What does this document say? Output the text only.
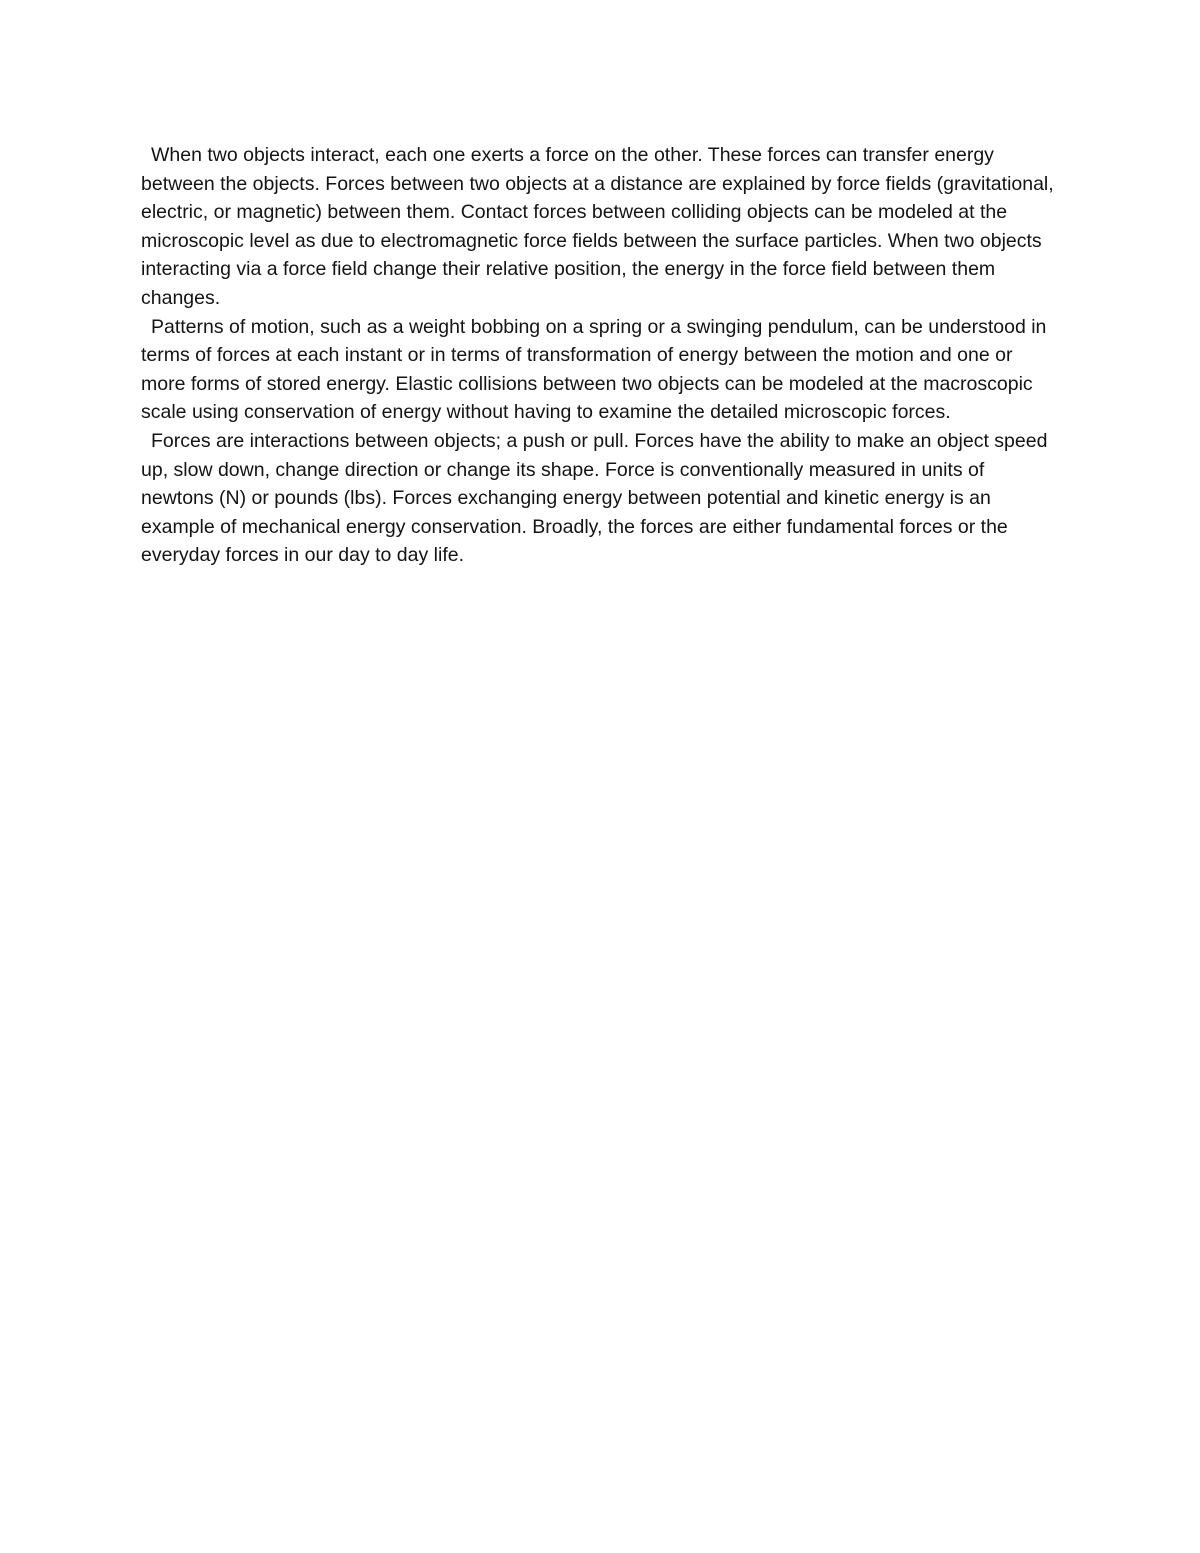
When two objects interact, each one exerts a force on the other. These forces can transfer energy between the objects. Forces between two objects at a distance are explained by force fields (gravitational, electric, or magnetic) between them. Contact forces between colliding objects can be modeled at the microscopic level as due to electromagnetic force fields between the surface particles. When two objects interacting via a force field change their relative position, the energy in the force field between them changes.

Patterns of motion, such as a weight bobbing on a spring or a swinging pendulum, can be understood in terms of forces at each instant or in terms of transformation of energy between the motion and one or more forms of stored energy. Elastic collisions between two objects can be modeled at the macroscopic scale using conservation of energy without having to examine the detailed microscopic forces.

Forces are interactions between objects; a push or pull. Forces have the ability to make an object speed up, slow down, change direction or change its shape. Force is conventionally measured in units of newtons (N) or pounds (lbs). Forces exchanging energy between potential and kinetic energy is an example of mechanical energy conservation. Broadly, the forces are either fundamental forces or the everyday forces in our day to day life.
